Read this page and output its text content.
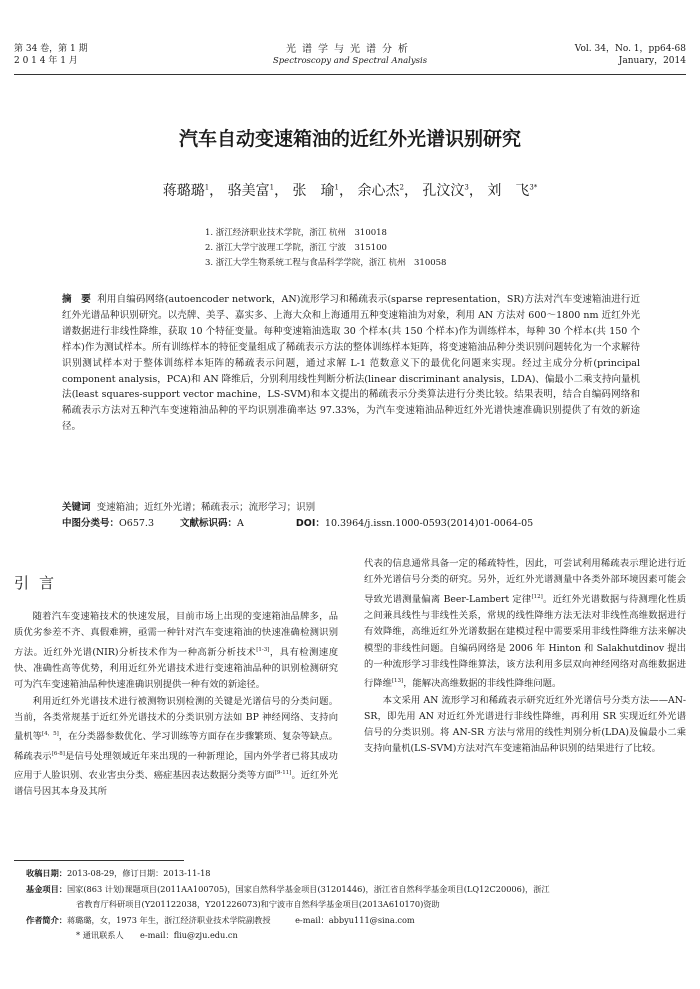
第 34 卷，第 1 期
2 0 1 4 年 1 月
光谱学与光谱分析
Spectroscopy and Spectral Analysis
Vol. 34，No. 1，pp64-68
January，2014
汽车自动变速箱油的近红外光谱识别研究
蒋璐璐$^1$， 骆美富$^1$， 张　瑜$^1$， 余心杰$^2$， 孔汶汶$^3$， 刘　飞$^{3*}$
1. 浙江经济职业技术学院，浙江 杭州　310018
2. 浙江大学宁波理工学院，浙江 宁波　315100
3. 浙江大学生物系统工程与食品科学学院，浙江 杭州　310058
摘　要 利用自编码网络(autoencoder network，AN)流形学习和稀疏表示(sparse representation，SR)方法对汽车变速箱油进行近红外光谱品种识别研究。以壳牌、美孚、嘉实多、上海大众和上海通用五种变速箱油为对象，利用 AN 方法对 600～1800 nm 近红外光谱数据进行非线性降维，获取 10 个特征变量。每种变速箱油选取 30 个样本(共 150 个样本)作为训练样本，每种 30 个样本(共 150 个样本)作为测试样本。所有训练样本的特征变量组成了稀疏表示方法的整体训练样本矩阵，将变速箱油品种分类识别问题转化为一个求解待识别测试样本对于整体训练样本矩阵的稀疏表示问题，通过求解 L-1 范数意义下的最优化问题来实现。经过主成分分析(principal component analysis，PCA)和 AN 降维后，分别利用线性判断分析法(linear discriminant analysis，LDA)、偏最小二乘支持向量机法(least squares-support vector machine，LS-SVM)和本文提出的稀疏表示分类算法进行分类比较。结果表明，结合自编码网络和稀疏表示方法对五种汽车变速箱油品种的平均识别准确率达 97.33%，为汽车变速箱油品种近红外光谱快速准确识别提供了有效的新途径。
关键词 变速箱油；近红外光谱；稀疏表示；流形学习；识别
中图分类号：O657.3	文献标识码：A	DOI：10.3964/j.issn.1000-0593(2014)01-0064-05
引言

随着汽车变速箱技术的快速发展，目前市场上出现的变速箱油品牌多，品质优劣参差不齐、真假难辨，亟需一种针对汽车变速箱油的快速准确检测识别方法。近红外光谱(NIR)分析技术作为一种高新分析技术[1-3]，具有检测速度快、准确性高等优势，利用近红外光谱技术进行变速箱油品种的识别检测研究可为汽车变速箱油品种快速准确识别提供一种有效的新途径。

利用近红外光谱技术进行被测物识别检测的关键是光谱信号的分类问题。当前，各类常规基于近红外光谱技术的分类识别方法如 BP 神经网络、支持向量机等[4，5]，在分类器参数优化、学习训练等方面存在步骤繁琐、复杂等缺点。稀疏表示[6-8]是信号处理领域近年来出现的一种新理论，国内外学者已将其成功应用于人脸识别、农业害虫分类、癌症基因表达数据分类等方面[9-11]。近红外光谱信号因其本身及其所

代表的信息通常具备一定的稀疏特性，因此，可尝试利用稀疏表示理论进行近红外光谱信号分类的研究。另外，近红外光谱测量中各类外部环境因素可能会导致光谱测量偏离 Beer-Lambert 定律[12]。近红外光谱数据与待测理化性质之间兼具线性与非线性关系，常规的线性降维方法无法对非线性高维数据进行有效降维，高维近红外光谱数据在建模过程中需要采用非线性降维方法来解决模型的非线性问题。自编码网络是 2006 年 Hinton 和 Salakhutdinov 提出的一种流形学习非线性降维算法，该方法利用多层双向神经网络对高维数据进行降维[13]，能解决高维数据的非线性降维问题。

本文采用 AN 流形学习和稀疏表示研究近红外光谱信号分类方法——AN-SR，即先用 AN 对近红外光谱进行非线性降维，再利用 SR 实现近红外光谱信号的分类识别。将 AN-SR 方法与常用的线性判别分析(LDA)及偏最小二乘支持向量机(LS-SVM)方法对汽车变速箱油品种识别的结果进行了比较。

收稿日期：2013-08-29，修订日期：2013-11-18
基金项目：国家(863 计划)课题项目(2011AA100705)，国家自然科学基金项目(31201446)，浙江省自然科学基金项目(LQ12C20006)，浙江
省教育厅科研项目(Y201122038，Y201226073)和宁波市自然科学基金项目(2013A610170)资助
作者简介：蒋璐璐，女，1973 年生，浙江经济职业技术学院副教授　　　e-mail：abbyu111@sina.com
* 通讯联系人　　e-mail：fliu@zju.edu.cn
